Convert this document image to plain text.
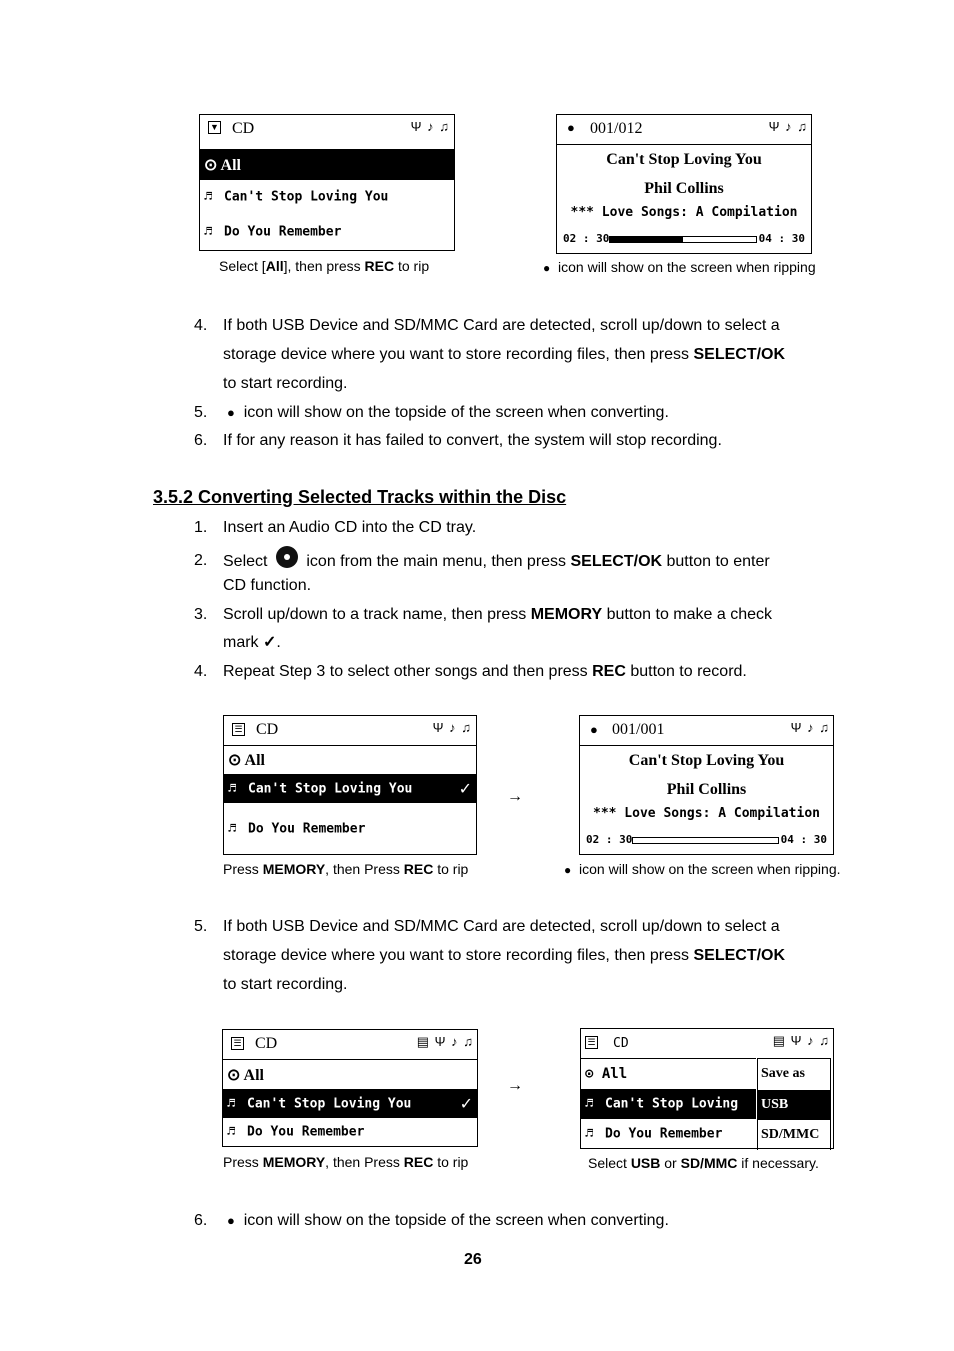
▼ CD	Ψ ♪ ♫
⊙ All
♬ Can't Stop Loving You
♬ Do You Remember
Select [All], then press REC to rip
● 001/012	Ψ ♪ ♫
Can't Stop Loving You
Phil Collins
*** Love Songs: A Compilation
02 : 30	04 : 30
● icon will show on the screen when ripping
4. If both USB Device and SD/MMC Card are detected, scroll up/down to select a
storage device where you want to store recording files, then press SELECT/OK
to start recording.
5.	● icon will show on the topside of the screen when converting.
6. If for any reason it has failed to convert, the system will stop recording.
3.5.2 Converting Selected Tracks within the Disc
1. Insert an Audio CD into the CD tray.
2. Select
icon from the main menu, then press SELECT/OK button to enter
CD function.
3. Scroll up/down to a track name, then press MEMORY button to make a check
mark ✓.
4. Repeat Step 3 to select other songs and then press REC button to record.
☰ CD	Ψ ♪ ♫
⊙ All
♬ Can't Stop Loving You	✓
♬ Do You Remember
Press MEMORY, then Press REC to rip
→
● 001/001	Ψ ♪ ♫
Can't Stop Loving You
Phil Collins
*** Love Songs: A Compilation
02 : 30	04 : 30
● icon will show on the screen when ripping.
5. If both USB Device and SD/MMC Card are detected, scroll up/down to select a
storage device where you want to store recording files, then press SELECT/OK
to start recording.
☰ CD	▤ Ψ ♪ ♫
⊙ All
♬ Can't Stop Loving You	✓
♬ Do You Remember
Press MEMORY, then Press REC to rip
→
☰ CD	▤ Ψ ♪ ♫
⊙ All
♬ Can't Stop Loving
♬ Do You Remember
Save as
USB
SD/MMC
Select USB or SD/MMC if necessary.
6.	● icon will show on the topside of the screen when converting.
26
